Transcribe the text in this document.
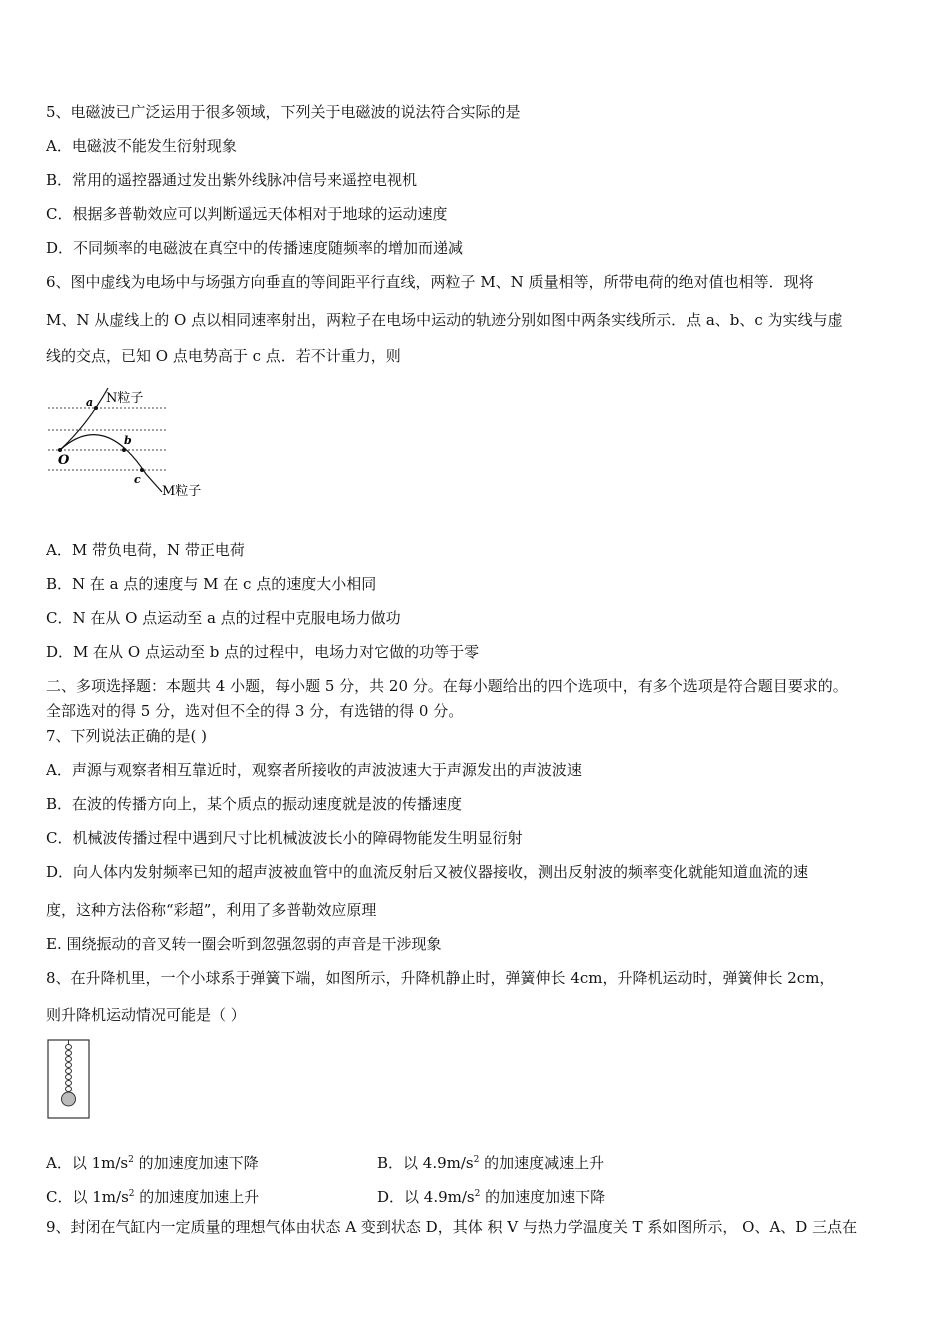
5、电磁波已广泛运用于很多领域，下列关于电磁波的说法符合实际的是
A．电磁波不能发生衍射现象
B．常用的遥控器通过发出紫外线脉冲信号来遥控电视机
C．根据多普勒效应可以判断遥远天体相对于地球的运动速度
D．不同频率的电磁波在真空中的传播速度随频率的增加而递减
6、图中虚线为电场中与场强方向垂直的等间距平行直线，两粒子 M、N 质量相等，所带电荷的绝对值也相等．现将
M、N 从虚线上的 O 点以相同速率射出，两粒子在电场中运动的轨迹分别如图中两条实线所示．点 a、b、c 为实线与虚
线的交点，已知 O 点电势高于 c 点．若不计重力，则
a
b
c
O
N粒子
M粒子
A．M 带负电荷，N 带正电荷
B．N 在 a 点的速度与 M 在 c 点的速度大小相同
C．N 在从 O 点运动至 a 点的过程中克服电场力做功
D．M 在从 O 点运动至 b 点的过程中，电场力对它做的功等于零
二、多项选择题：本题共 4 小题，每小题 5 分，共 20 分。在每小题给出的四个选项中，有多个选项是符合题目要求的。
全部选对的得 5 分，选对但不全的得 3 分，有选错的得 0 分。
7、下列说法正确的是( )
A．声源与观察者相互靠近时，观察者所接收的声波波速大于声源发出的声波波速
B．在波的传播方向上，某个质点的振动速度就是波的传播速度
C．机械波传播过程中遇到尺寸比机械波波长小的障碍物能发生明显衍射
D．向人体内发射频率已知的超声波被血管中的血流反射后又被仪器接收，测出反射波的频率变化就能知道血流的速
度，这种方法俗称“彩超”，利用了多普勒效应原理
E. 围绕振动的音叉转一圈会听到忽强忽弱的声音是干涉现象
8、在升降机里，一个小球系于弹簧下端，如图所示，升降机静止时，弹簧伸长 4cm，升降机运动时，弹簧伸长 2cm，
则升降机运动情况可能是（ ）
A．以 $1m/s^2$ 的加速度加速下降	B．以 $4.9m/s^2$ 的加速度减速上升
C．以 $1m/s^2$ 的加速度加速上升	D．以 $4.9m/s^2$ 的加速度加速下降
9、封闭在气缸内一定质量的理想气体由状态 A 变到状态 D，其体 积 V 与热力学温度关 T 系如图所示， O、A、D 三点在
